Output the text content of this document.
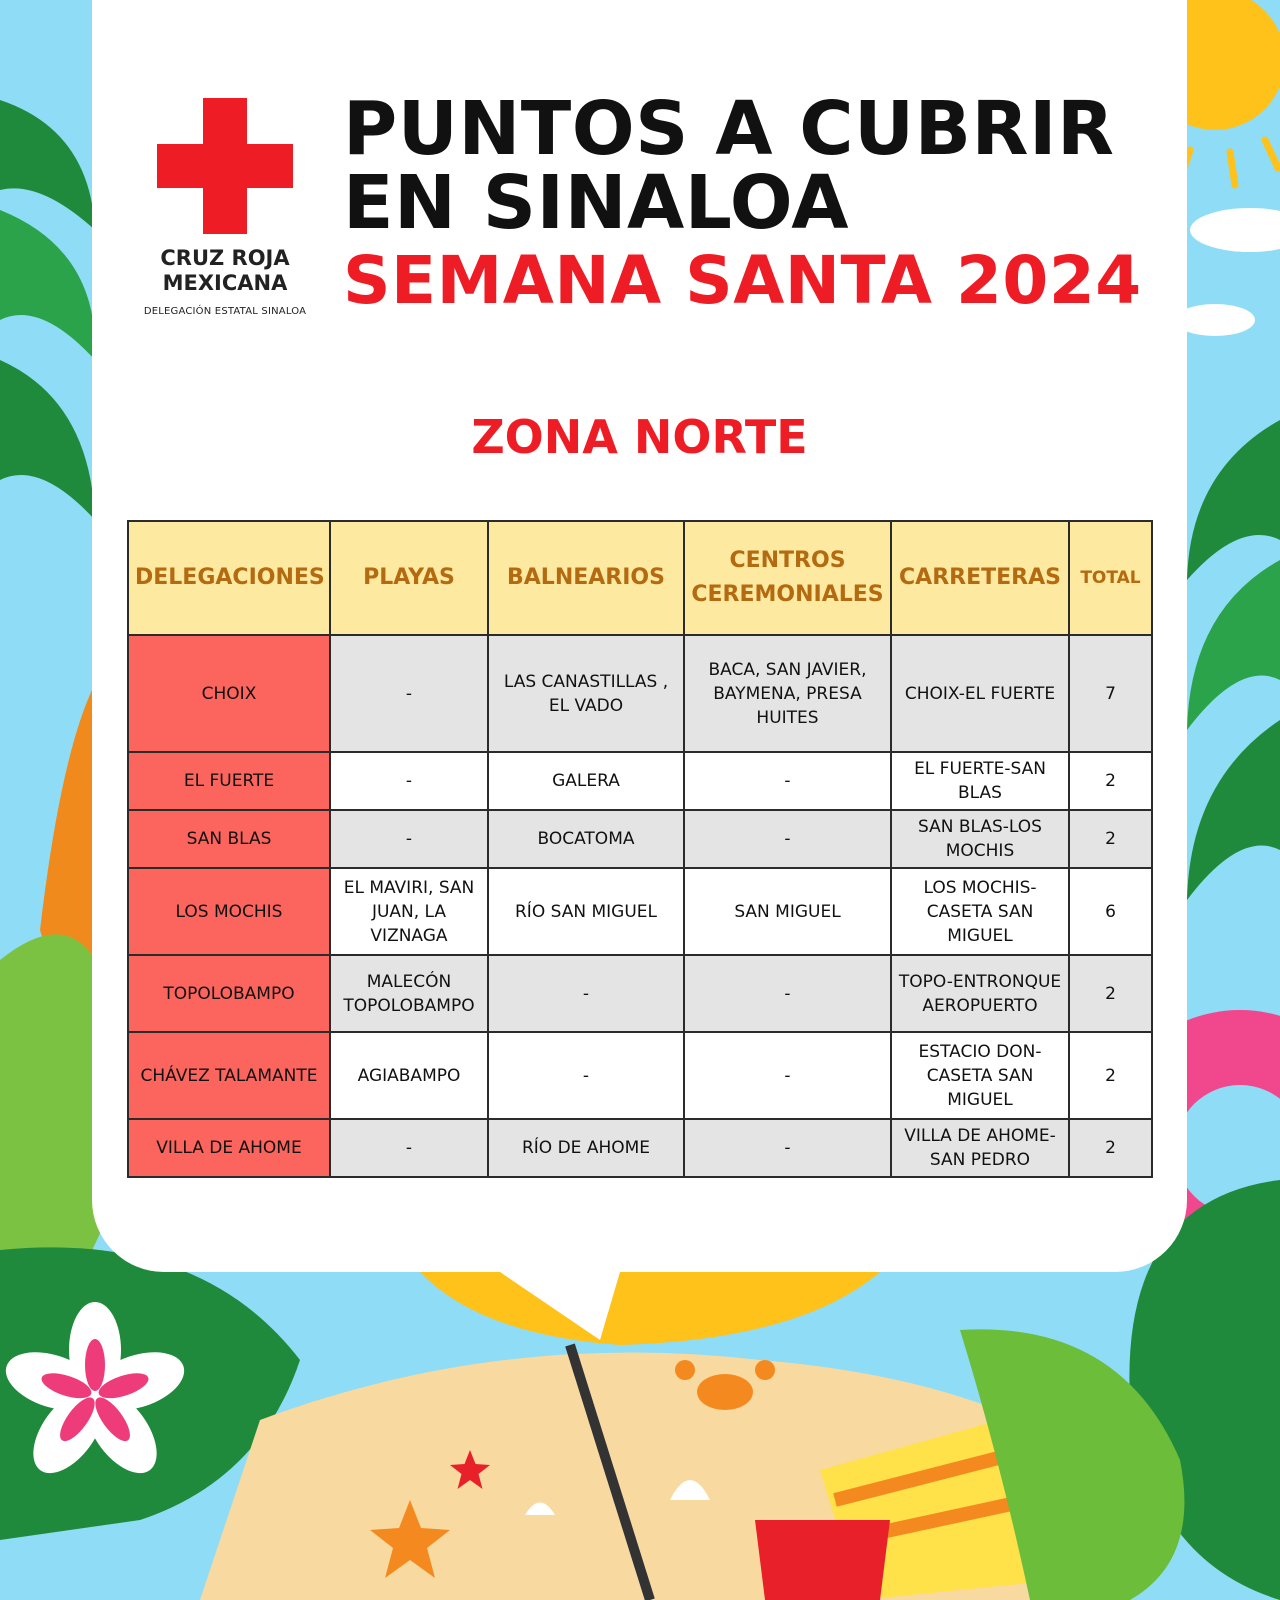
CRUZ ROJA MEXICANA
DELEGACIÓN ESTATAL SINALOA
PUNTOS A CUBRIR
EN SINALOA
SEMANA SANTA 2024
ZONA NORTE
DELEGACIONES	PLAYAS	BALNEARIOS	CENTROS CEREMONIALES	CARRETERAS	TOTAL
CHOIX	-	LAS CANASTILLAS , EL VADO	BACA, SAN JAVIER, BAYMENA, PRESA HUITES	CHOIX-EL FUERTE	7
EL FUERTE	-	GALERA	-	EL FUERTE-SAN BLAS	2
SAN BLAS	-	BOCATOMA	-	SAN BLAS-LOS MOCHIS	2
LOS MOCHIS	EL MAVIRI, SAN JUAN, LA VIZNAGA	RÍO SAN MIGUEL	SAN MIGUEL	LOS MOCHIS-CASETA SAN MIGUEL	6
TOPOLOBAMPO	MALECÓN TOPOLOBAMPO	-	-	TOPO-ENTRONQUE AEROPUERTO	2
CHÁVEZ TALAMANTE	AGIABAMPO	-	-	ESTACIO DON-CASETA SAN MIGUEL	2
VILLA DE AHOME	-	RÍO DE AHOME	-	VILLA DE AHOME-SAN PEDRO	2
